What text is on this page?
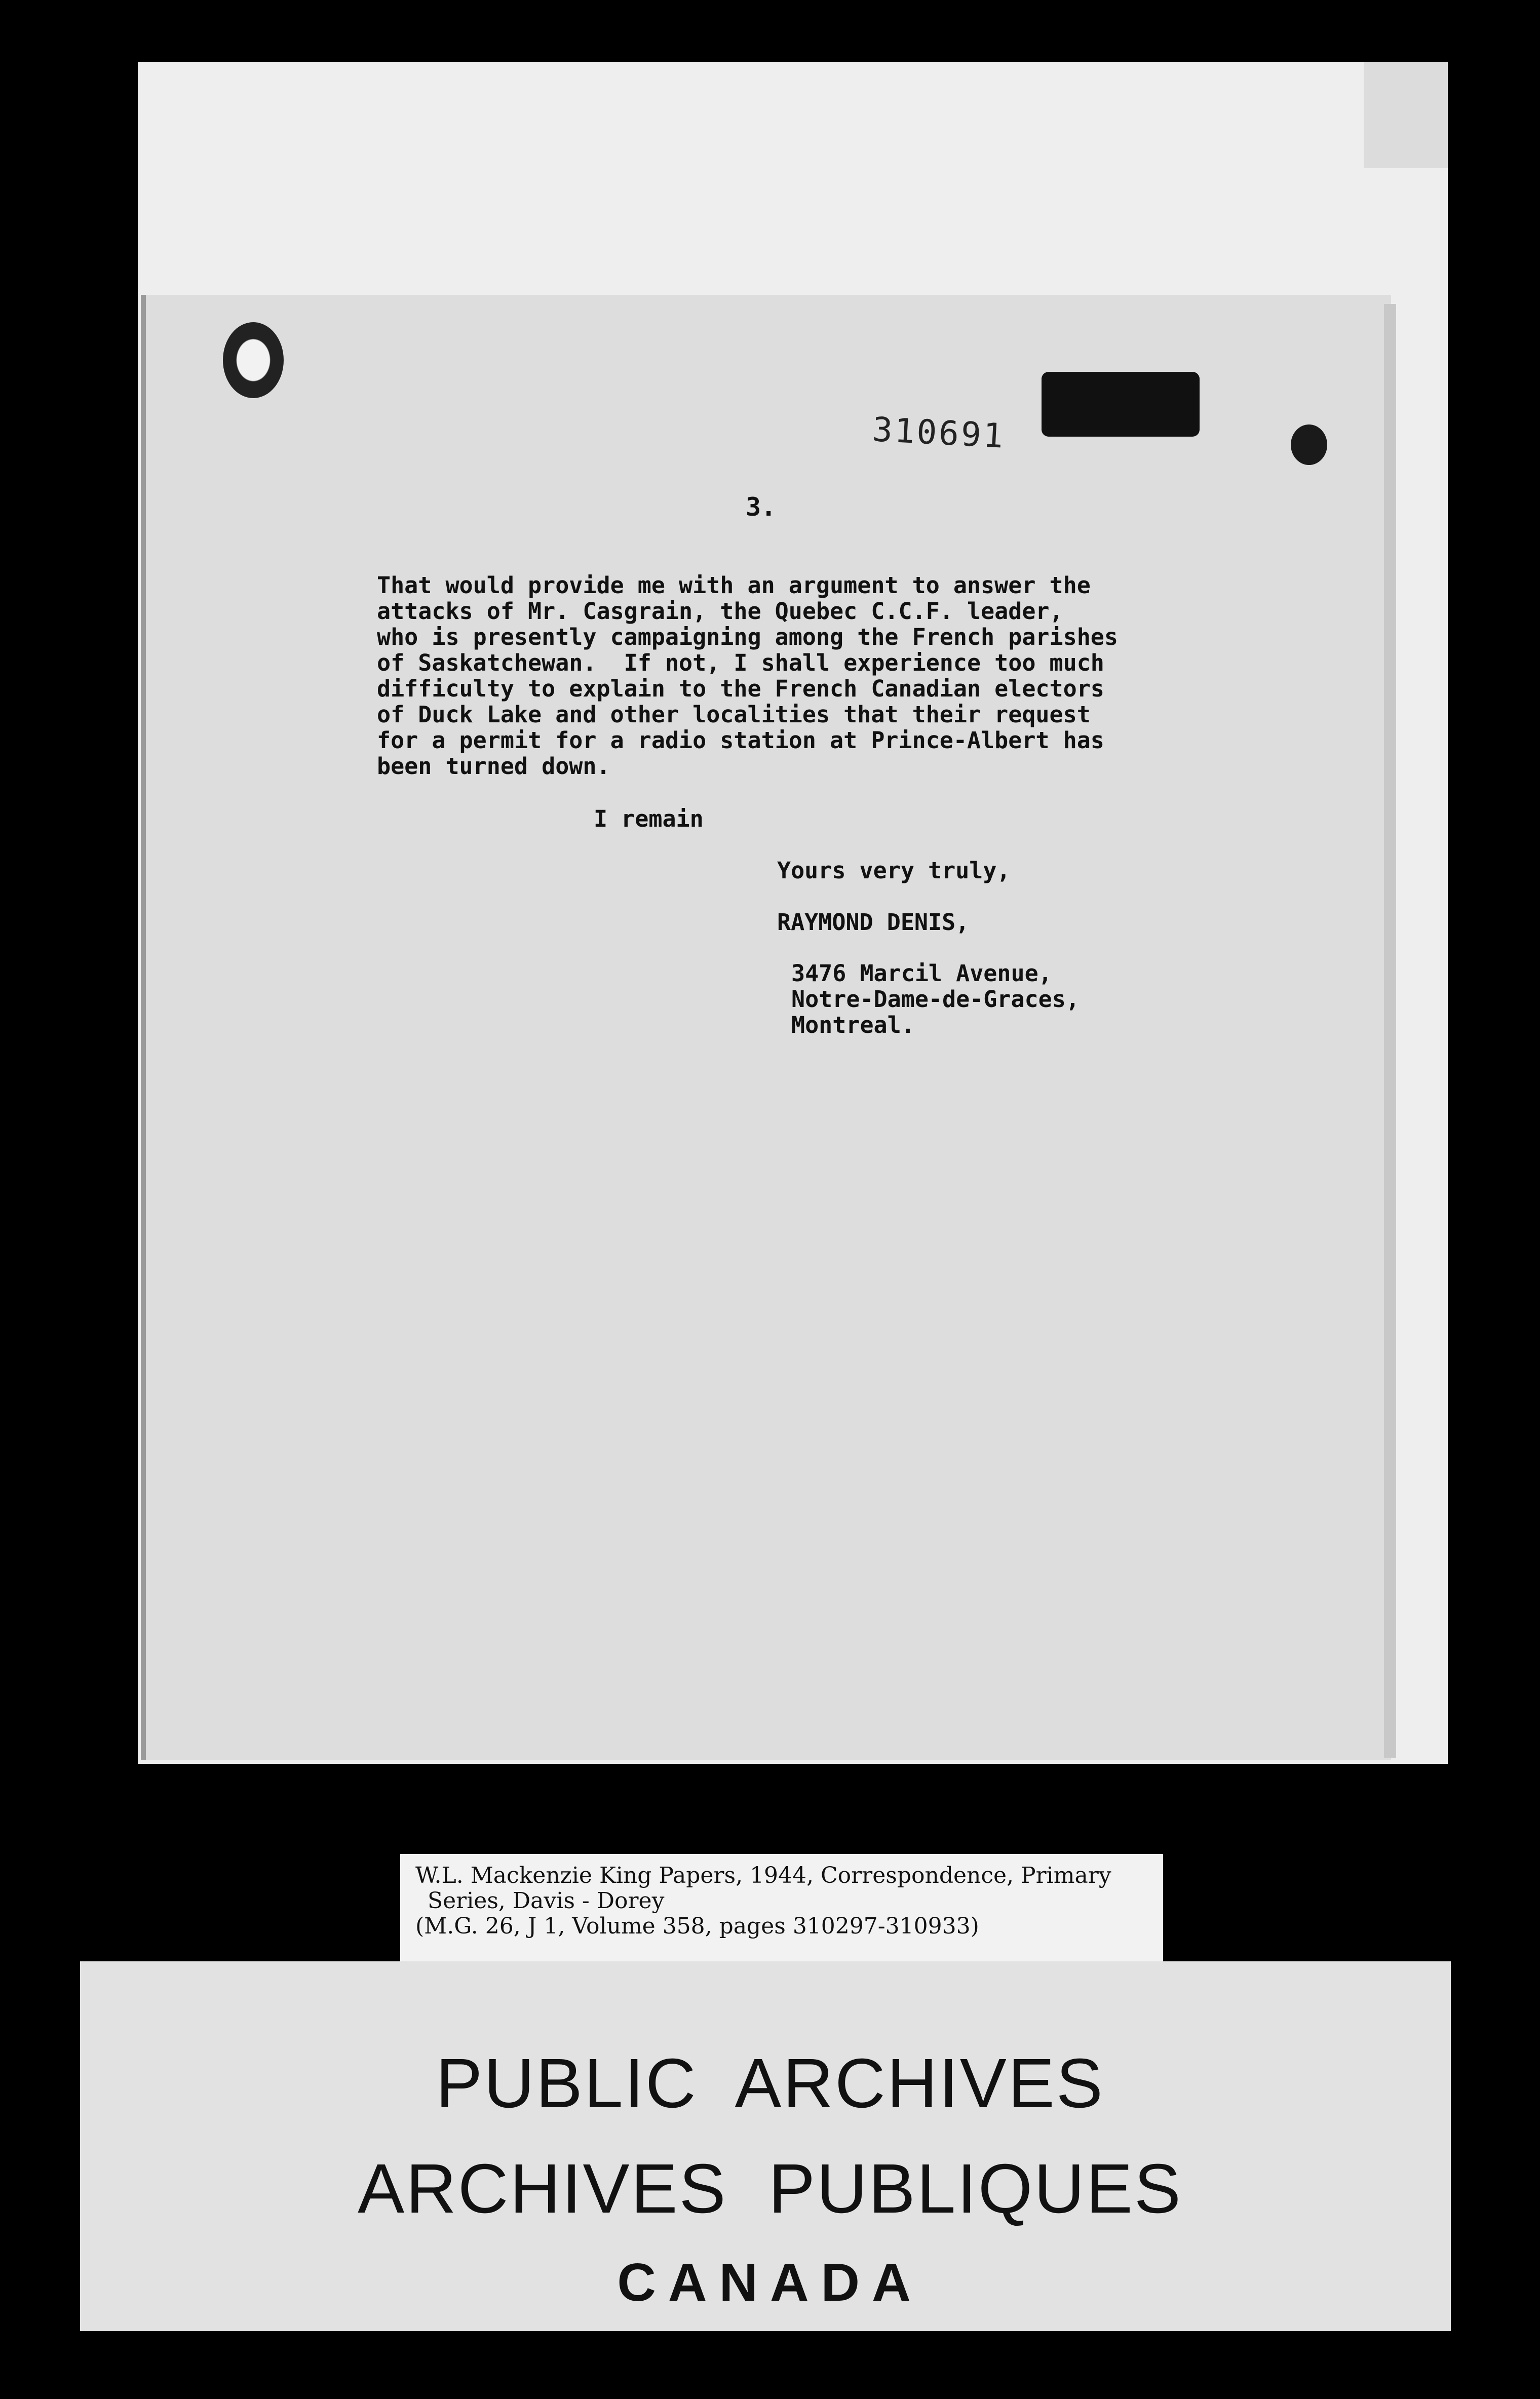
310691
3.
That would provide me with an argument to answer the
attacks of Mr. Casgrain, the Quebec C.C.F. leader,
who is presently campaigning among the French parishes
of Saskatchewan.  If not, I shall experience too much
difficulty to explain to the French Canadian electors
of Duck Lake and other localities that their request
for a permit for a radio station at Prince-Albert has
been turned down.
I remain
Yours very truly,
RAYMOND DENIS,
3476 Marcil Avenue,
Notre-Dame-de-Graces,
Montreal.
W.L. Mackenzie King Papers, 1944, Correspondence, Primary
Series, Davis - Dorey
(M.G. 26, J 1, Volume 358, pages 310297-310933)
PUBLIC ARCHIVES
ARCHIVES PUBLIQUES
CANADA
